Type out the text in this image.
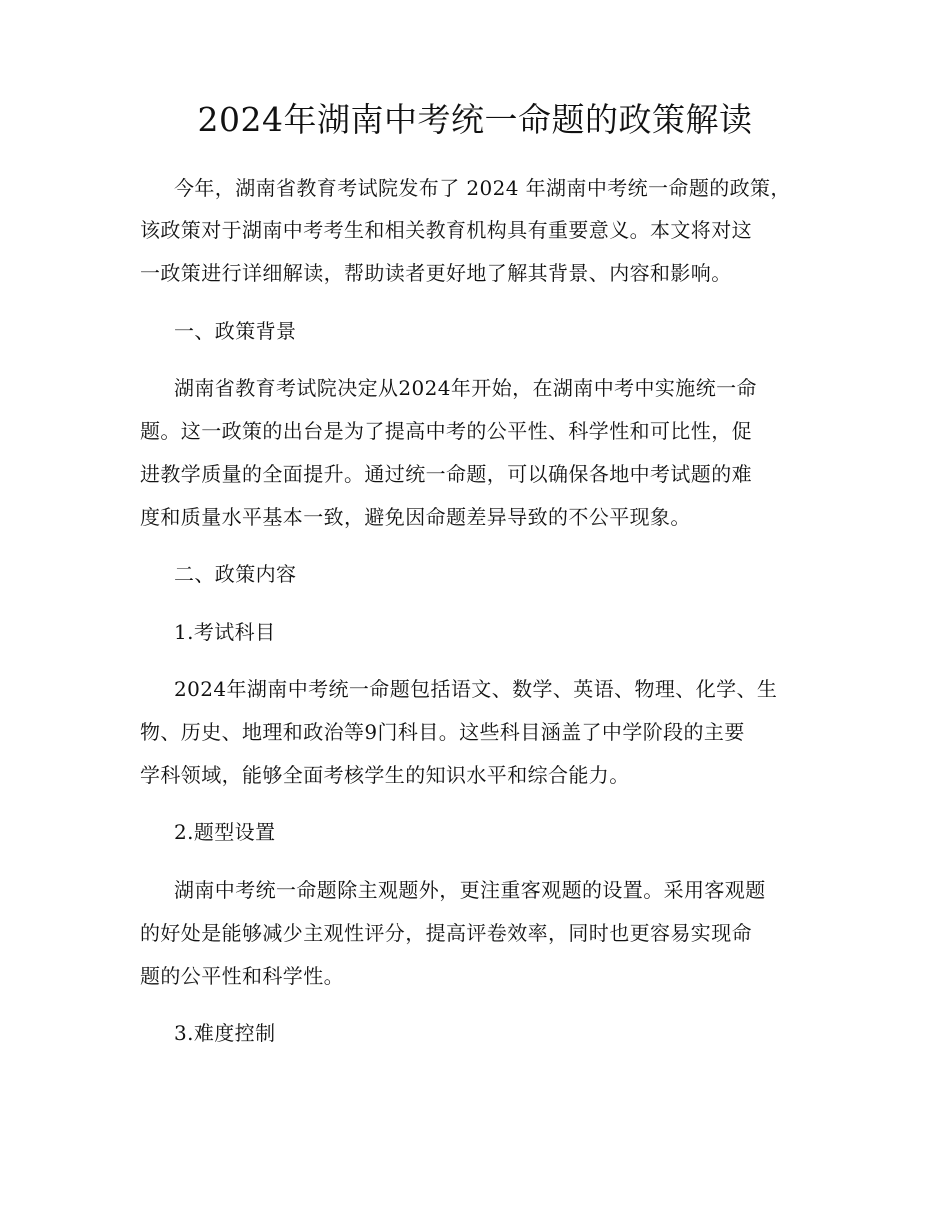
2024年湖南中考统一命题的政策解读
今年，湖南省教育考试院发布了 2024 年湖南中考统一命题的政策，
该政策对于湖南中考考生和相关教育机构具有重要意义。本文将对这
一政策进行详细解读，帮助读者更好地了解其背景、内容和影响。
一、政策背景
湖南省教育考试院决定从2024年开始，在湖南中考中实施统一命
题。这一政策的出台是为了提高中考的公平性、科学性和可比性，促
进教学质量的全面提升。通过统一命题，可以确保各地中考试题的难
度和质量水平基本一致，避免因命题差异导致的不公平现象。
二、政策内容
1.考试科目
2024年湖南中考统一命题包括语文、数学、英语、物理、化学、生
物、历史、地理和政治等9门科目。这些科目涵盖了中学阶段的主要
学科领域，能够全面考核学生的知识水平和综合能力。
2.题型设置
湖南中考统一命题除主观题外，更注重客观题的设置。采用客观题
的好处是能够减少主观性评分，提高评卷效率，同时也更容易实现命
题的公平性和科学性。
3.难度控制
